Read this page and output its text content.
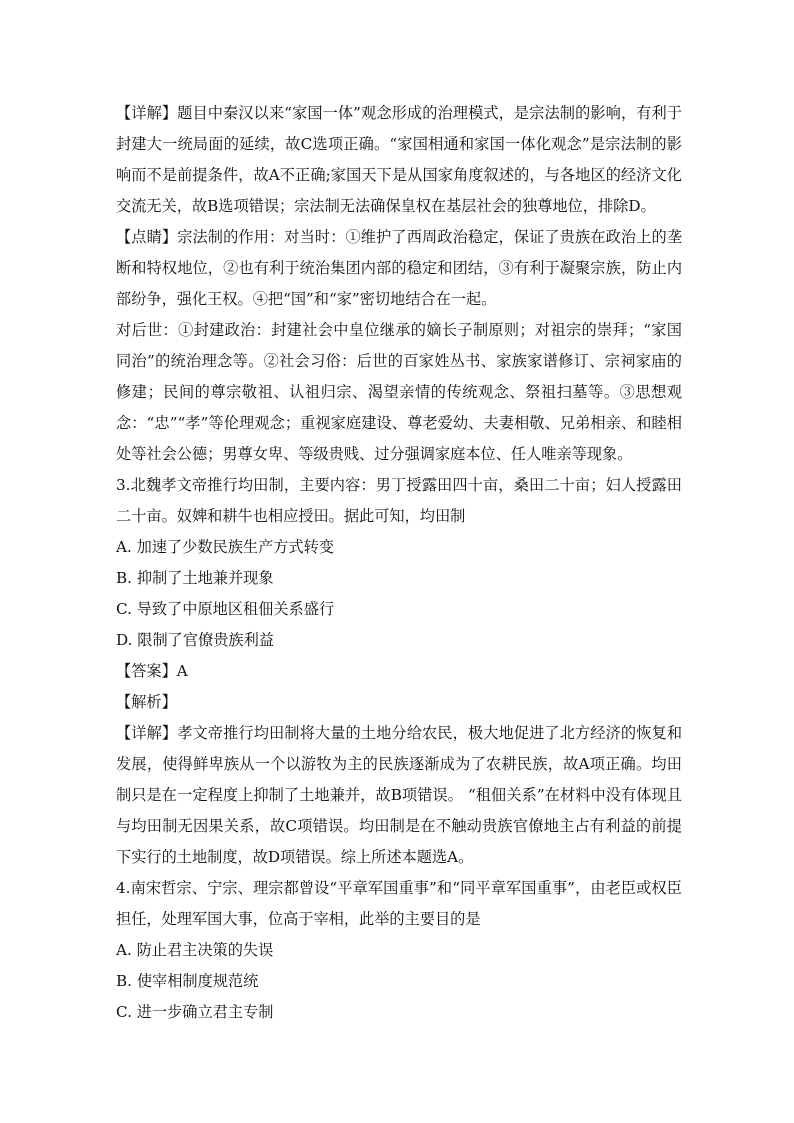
【详解】题目中秦汉以来“家国一体”观念形成的治理模式，是宗法制的影响，有利于封建大一统局面的延续，故C选项正确。“家国相通和家国一体化观念”是宗法制的影响而不是前提条件，故A不正确;家国天下是从国家角度叙述的，与各地区的经济文化交流无关，故B选项错误；宗法制无法确保皇权在基层社会的独尊地位，排除D。

【点睛】宗法制的作用：对当时：①维护了西周政治稳定，保证了贵族在政治上的垄断和特权地位，②也有利于统治集团内部的稳定和团结，③有利于凝聚宗族，防止内部纷争，强化王权。④把“国”和“家”密切地结合在一起。

对后世：①封建政治：封建社会中皇位继承的嫡长子制原则；对祖宗的崇拜；“家国同治”的统治理念等。②社会习俗：后世的百家姓丛书、家族家谱修订、宗祠家庙的修建；民间的尊宗敬祖、认祖归宗、渴望亲情的传统观念、祭祖扫墓等。③思想观念：“忠”“孝”等伦理观念；重视家庭建设、尊老爱幼、夫妻相敬、兄弟相亲、和睦相处等社会公德；男尊女卑、等级贵贱、过分强调家庭本位、任人唯亲等现象。

3.北魏孝文帝推行均田制，主要内容：男丁授露田四十亩，桑田二十亩；妇人授露田二十亩。奴婢和耕牛也相应授田。据此可知，均田制

A. 加速了少数民族生产方式转变

B. 抑制了土地兼并现象

C. 导致了中原地区租佃关系盛行

D. 限制了官僚贵族利益

【答案】A

【解析】

【详解】孝文帝推行均田制将大量的土地分给农民，极大地促进了北方经济的恢复和发展，使得鲜卑族从一个以游牧为主的民族逐渐成为了农耕民族，故A项正确。均田制只是在一定程度上抑制了土地兼并，故B项错误。 “租佃关系”在材料中没有体现且与均田制无因果关系，故C项错误。均田制是在不触动贵族官僚地主占有利益的前提下实行的土地制度，故D项错误。综上所述本题选A。

4.南宋哲宗、宁宗、理宗都曾设“平章军国重事”和“同平章军国重事”，由老臣或权臣担任，处理军国大事，位高于宰相，此举的主要目的是

A. 防止君主决策的失误

B. 使宰相制度规范统

C. 进一步确立君主专制
